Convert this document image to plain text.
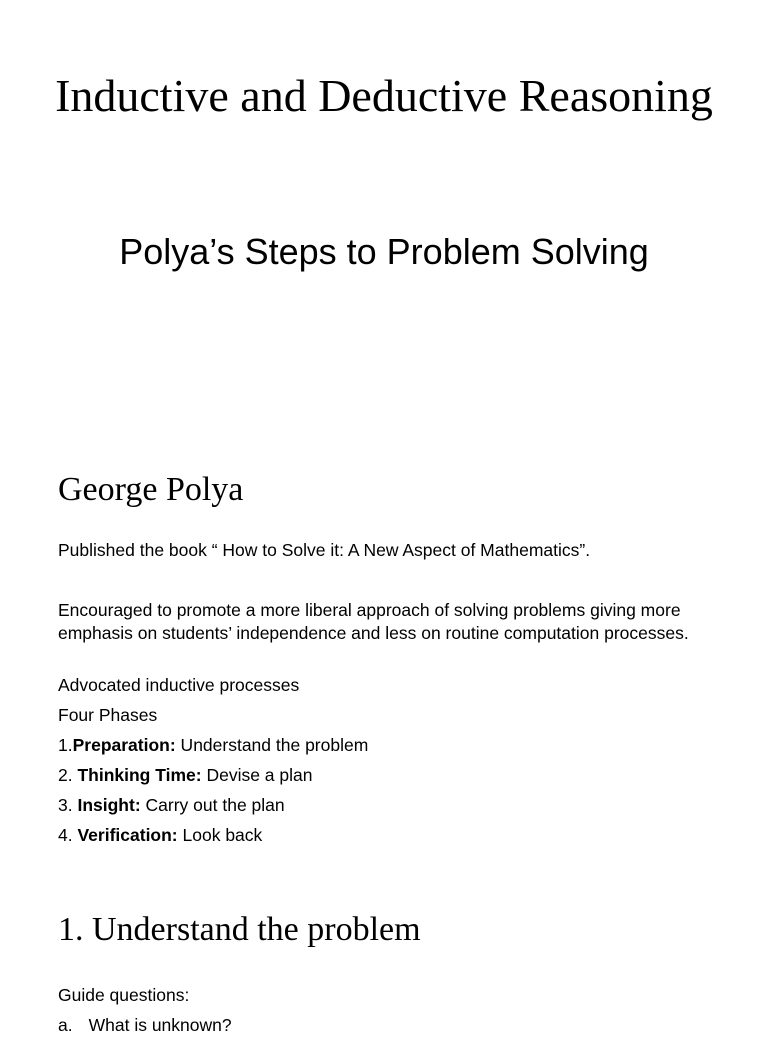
Inductive and Deductive Reasoning
Polya’s Steps to Problem Solving
George Polya

Published the book “ How to Solve it: A New Aspect of Mathematics”.

Encouraged to promote a more liberal approach of solving problems giving more emphasis on students’ independence and less on routine computation processes.

Advocated inductive processes

Four Phases

1.Preparation: Understand the problem

2. Thinking Time: Devise a plan

3. Insight: Carry out the plan

4. Verification: Look back

1. Understand the problem

Guide questions:

a. What is unknown?
